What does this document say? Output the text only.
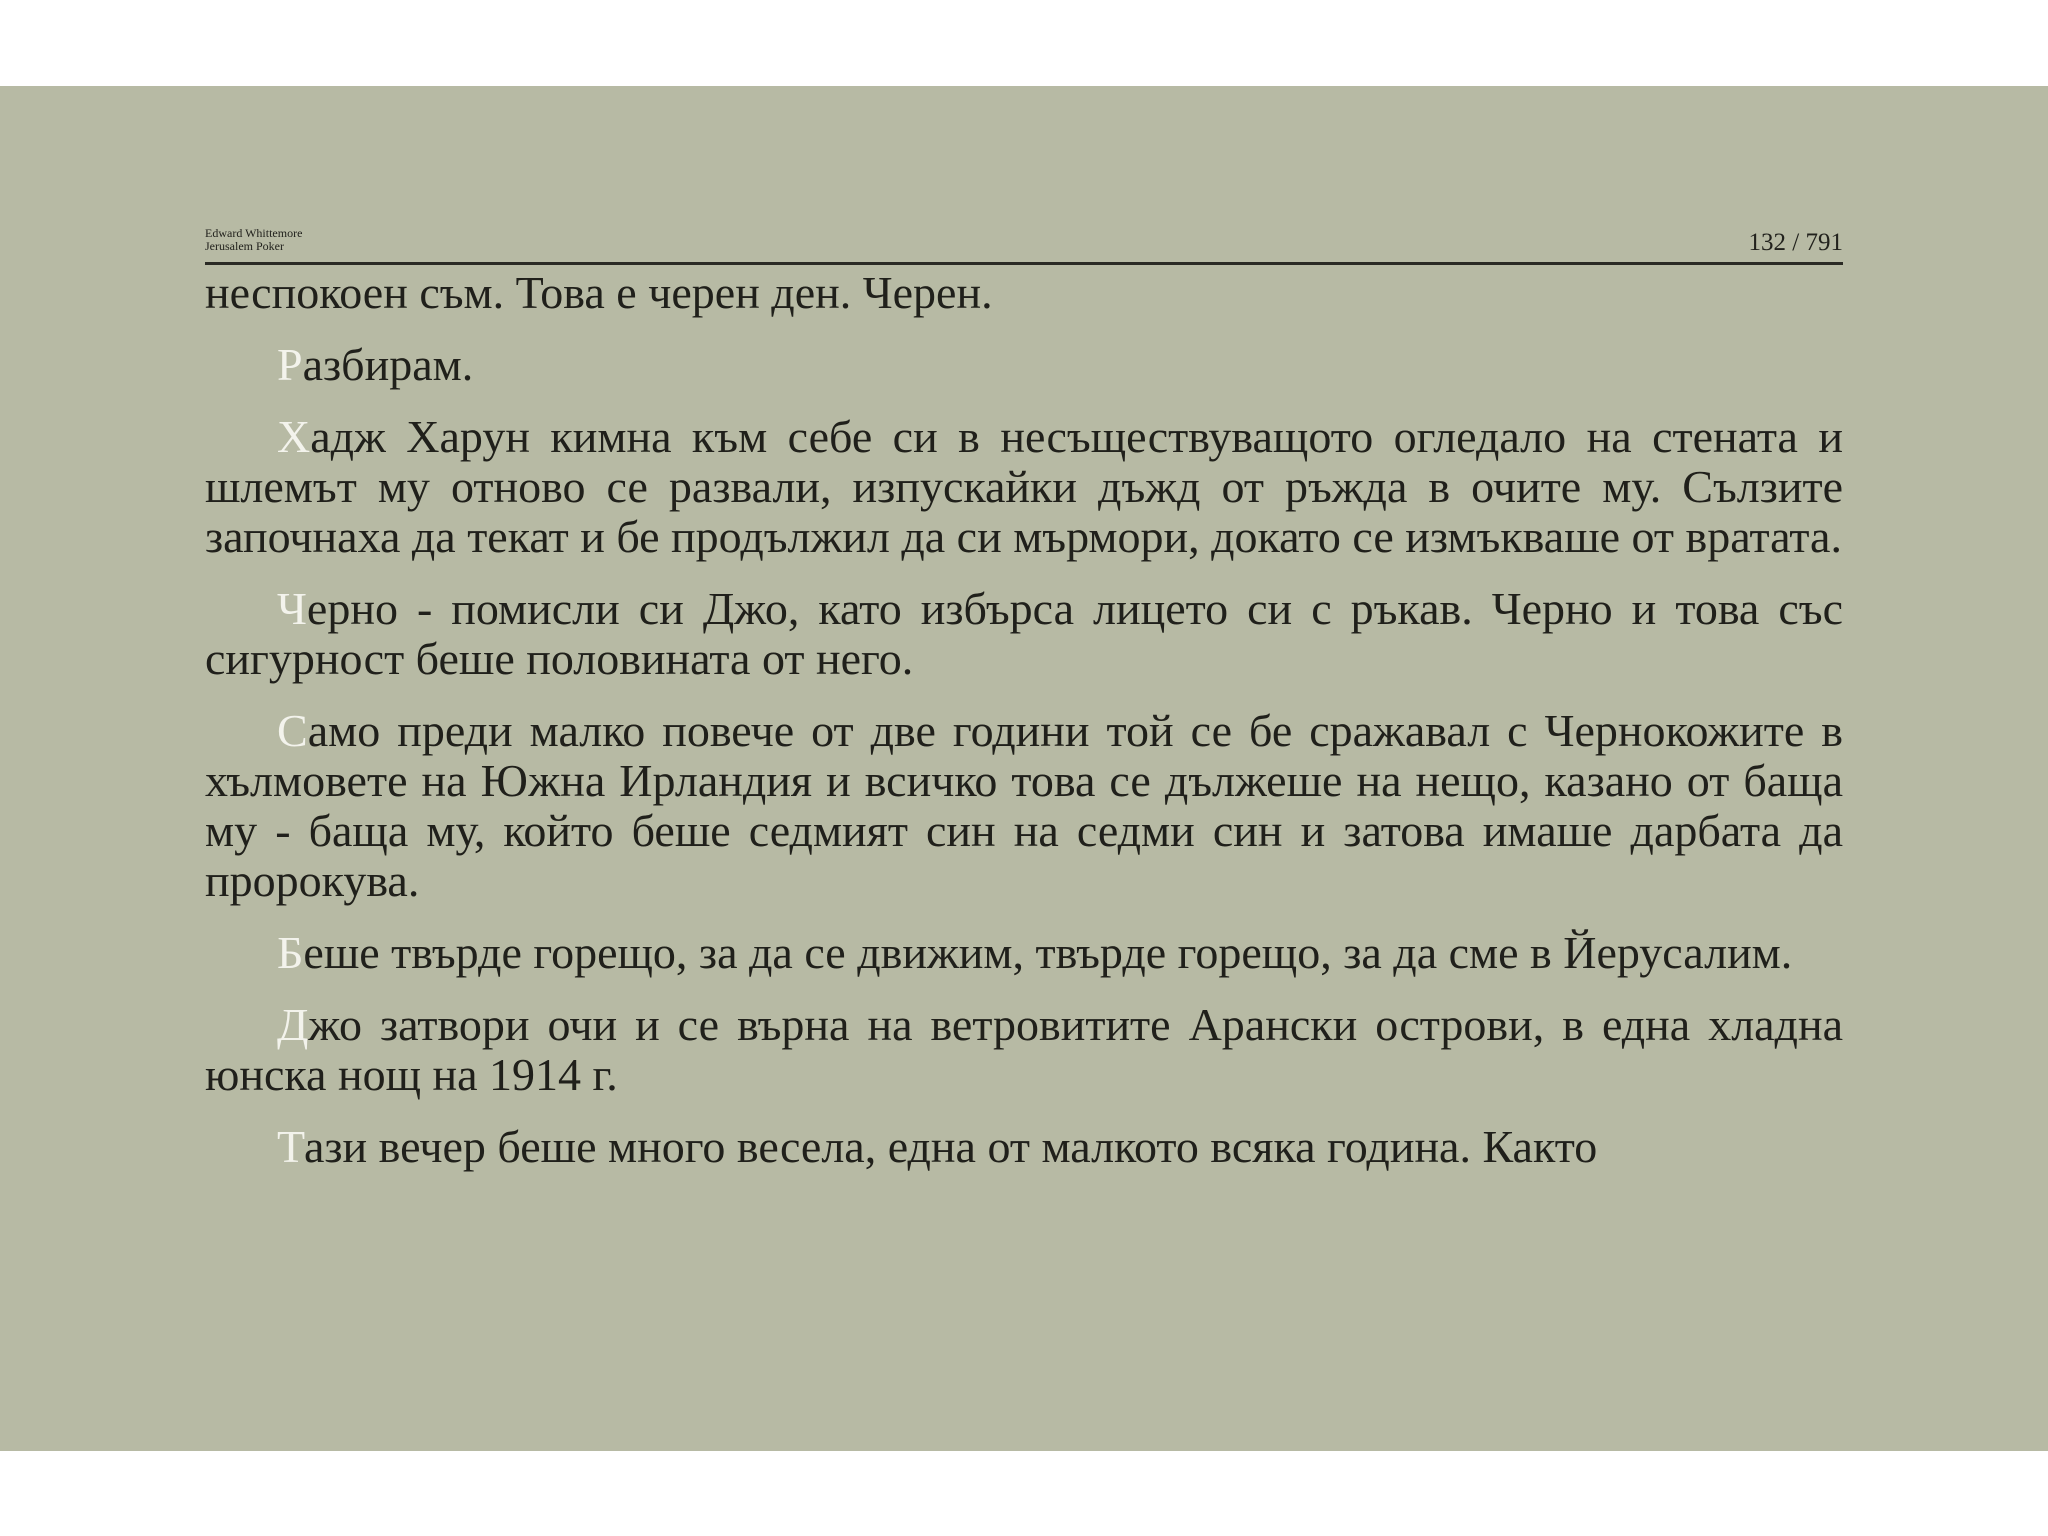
Edward Whittemore
Jerusalem Poker	132 / 791

неспокоен съм. Това е черен ден. Черен.

Разбирам.

Хадж Харун кимна към себе си в несъществуващото огледало на стената и шлемът му отново се развали, изпускайки дъжд от ръжда в очите му. Сълзите започнаха да текат и бе продължил да си мърмори, докато се измъкваше от вратата.

Черно - помисли си Джо, като избърса лицето си с ръкав. Черно и това със сигурност беше половината от него.

Само преди малко повече от две години той се бе сражавал с Чернокожите в хълмовете на Южна Ирландия и всичко това се дължеше на нещо, казано от баща му - баща му, който беше седмият син на седми син и затова имаше дарбата да пророкува.

Беше твърде горещо, за да се движим, твърде горещо, за да сме в Йерусалим.

Джо затвори очи и се върна на ветровитите Арански острови, в една хладна юнска нощ на 1914 г.

Тази вечер беше много весела, една от малкото всяка година. Както
